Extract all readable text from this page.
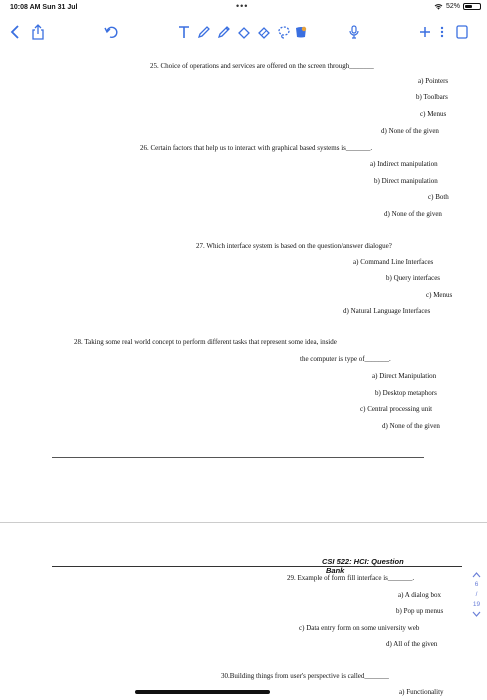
10:08 AM Sun 31 Jul	•••	52%
25. Choice of operations and services are offered on the screen through_______
a) Pointers
b) Toolbars
c) Menus
d) None of the given
26. Certain factors that help us to interact with graphical based systems is_______.
a) Indirect manipulation
b) Direct manipulation
c) Both
d) None of the given
27. Which interface system is based on the question/answer dialogue?
a) Command Line Interfaces
b) Query interfaces
c) Menus
d) Natural Language Interfaces
28. Taking some real world concept to perform different tasks that represent some idea, inside
the computer is type of_______.
a) Direct Manipulation
b) Desktop metaphors
c) Central processing unit
d) None of the given
CSI 522: HCI: Question
Bank
29. Example of form fill interface is_______.
a) A dialog box
b) Pop up menus
c) Data entry form on some university web
d) All of the given
30.Building things from user's perspective is called_______
a) Functionality
6
/
19
